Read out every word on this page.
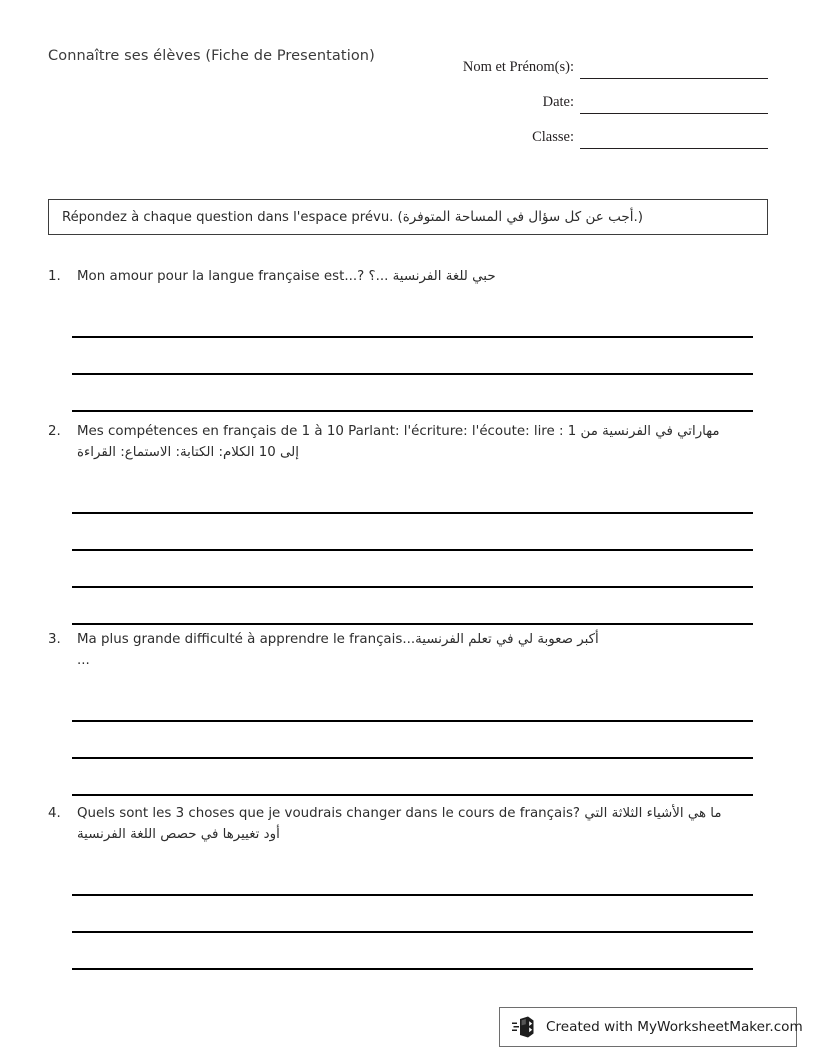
Connaître ses élèves (Fiche de Presentation)
Nom et Prénom(s):
Date:
Classe:
Répondez à chaque question dans l'espace prévu. (أجب عن كل سؤال في المساحة المتوفرة.)
1.	Mon amour pour la langue française est...? حبي للغة الفرنسية ...؟
2.	Mes compétences en français de 1 à 10 Parlant: l'écriture: l'écoute: lire : 1 مهاراتي في الفرنسية من
إلى 10 الكلام: الكتابة: الاستماع: القراءة
3.	Ma plus grande difficulté à apprendre le français...أكبر صعوبة لي في تعلم الفرنسية
...
4.	Quels sont les 3 choses que je voudrais changer dans le cours de français? ما هي الأشياء الثلاثة التي
أود تغييرها في حصص اللغة الفرنسية
Created with MyWorksheetMaker.com
